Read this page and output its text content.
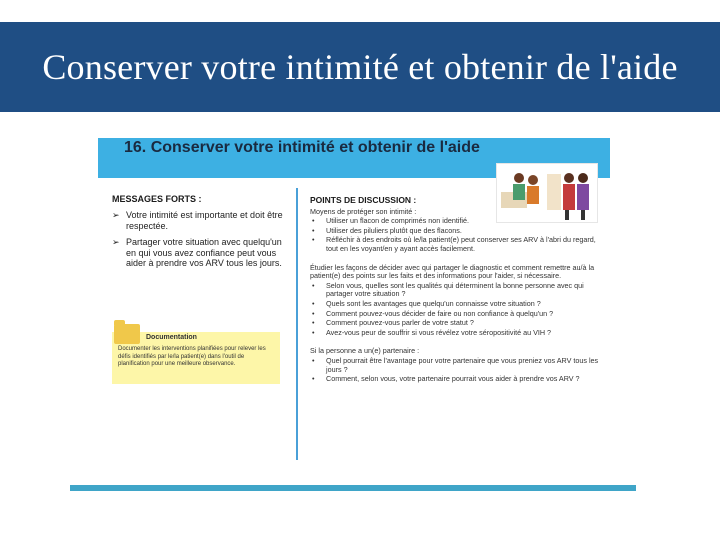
Conserver votre intimité et obtenir de l'aide
16. Conserver votre intimité et obtenir de l'aide
MESSAGES FORTS :
➢ Votre intimité est importante et doit être respectée.
➢ Partager votre situation avec quelqu'un en qui vous avez confiance peut vous aider à prendre vos ARV tous les jours.
Documentation
Documenter les interventions planifiées pour relever les défis identifiés par le/la patient(e) dans l'outil de planification pour une meilleure observance.
POINTS DE DISCUSSION :
Moyens de protéger son intimité :
• Utiliser un flacon de comprimés non identifié.
• Utiliser des piluliers plutôt que des flacons.
• Réfléchir à des endroits où le/la patient(e) peut conserver ses ARV à l'abri du regard, tout en les voyant/en y ayant accès facilement.
Étudier les façons de décider avec qui partager le diagnostic et comment remettre au/à la patient(e) des points sur les faits et des informations pour l'aider, si nécessaire.
• Selon vous, quelles sont les qualités qui déterminent la bonne personne avec qui partager votre situation ?
• Quels sont les avantages que quelqu'un connaisse votre situation ?
• Comment pouvez-vous décider de faire ou non confiance à quelqu'un ?
• Comment pouvez-vous parler de votre statut ?
• Avez-vous peur de souffrir si vous révélez votre séropositivité au VIH ?
Si la personne a un(e) partenaire :
• Quel pourrait être l'avantage pour votre partenaire que vous preniez vos ARV tous les jours ?
• Comment, selon vous, votre partenaire pourrait vous aider à prendre vos ARV ?
